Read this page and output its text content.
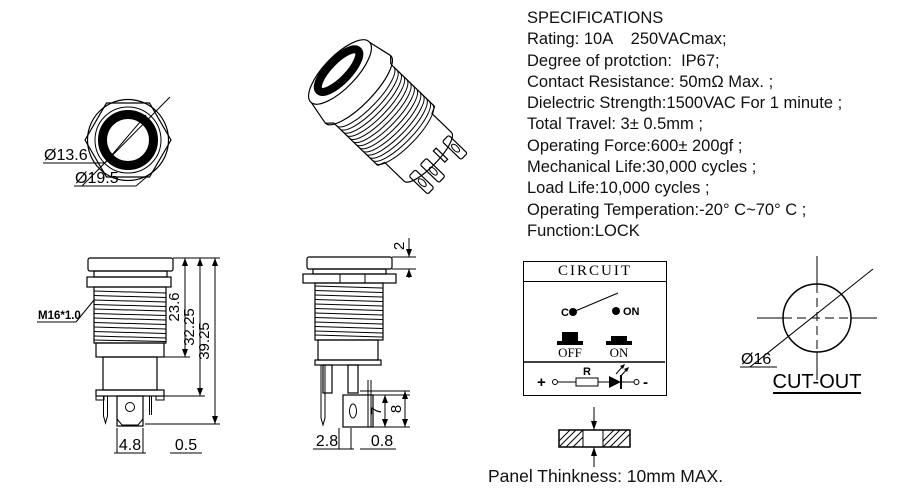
Ø13.6
Ø19.5
SPECIFICATIONS
Rating: 10A    250VACmax;
Degree of protction:  IP67;
Contact Resistance: 50mΩ Max. ;
Dielectric Strength:1500VAC For 1 minute ;
Total Travel: 3± 0.5mm ;
Operating Force:600± 200gf ;
Mechanical Life:30,000 cycles ;
Load Life:10,000 cycles ;
Operating Temperation:-20° C~70° C ;
Function:LOCK
M16*1.0	23.6
32.25
39.25
4.8 0.5
2
7 8
2.8 0.8
CIRCUIT
C	ON
OFF ON
+
R
-
Ø16
CUT-OUT
Panel Thinkness: 10mm MAX.
